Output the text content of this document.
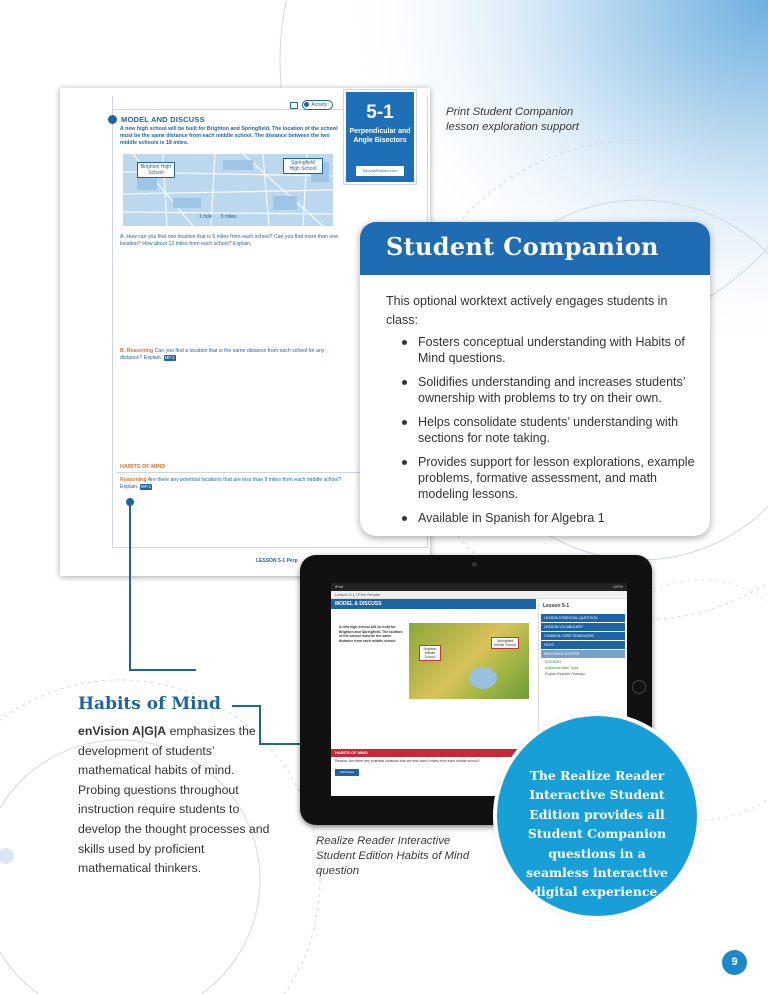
Activity	5-1
Perpendicular and Angle Bisectors
SavvasRealize.com
MODEL AND DISCUSS
A new high school will be built for Brighton and Springfield. The location of the school must be the same distance from each middle school. The distance between the two middle schools is 18 miles.
Brighton High School
Springfield High School
1 mile 5 miles
A. How can you find one location that is 9 miles from each school? Can you find more than one location? How about 12 miles from each school? Explain.
B. Reasoning Can you find a location that is the same distance from each school for any distance? Explain. MP.2
HABITS OF MIND
Reasoning Are there any potential locations that are less than 9 miles from each middle school? Explain. MP.2
LESSON 5-1 Perp
Print Student Companion lesson exploration support
Student Companion
This optional worktext actively engages students in class:
Fosters conceptual understanding with Habits of Mind questions.
Solidifies understanding and increases students’ ownership with problems to try on their own.
Helps consolidate students’ understanding with sections for note taking.
Provides support for lesson explorations, example problems, formative assessment, and math modeling lessons.
Available in Spanish for Algebra 1
iPad	100%
Lesson 5-1 | Print Reader
MODEL & DISCUSS
A new high school will be built for Brighton and Springfield. The location of the school must be the same distance from each middle school.
Brighton Middle School
Springfield Middle School
Lesson 5-1
LESSON ESSENTIAL QUESTION
LESSON VOCABULARY
COMMON CORE STANDARDS
FILES
RESOURCE CENTER
ENGRISH
Additional Math Tools
English/Spanish Glossary
HABITS OF MIND
Reason: Are there any potential locations that are less than 9 miles from each middle school?
Add Notes
Realize Reader Interactive Student Edition Habits of Mind question
Habits of Mind
enVision A|G|A emphasizes the development of students’ mathematical habits of mind. Probing questions throughout instruction require students to develop the thought processes and skills used by proficient mathematical thinkers.
The Realize Reader Interactive Student Edition provides all Student Companion questions in a seamless interactive digital experience.
9
